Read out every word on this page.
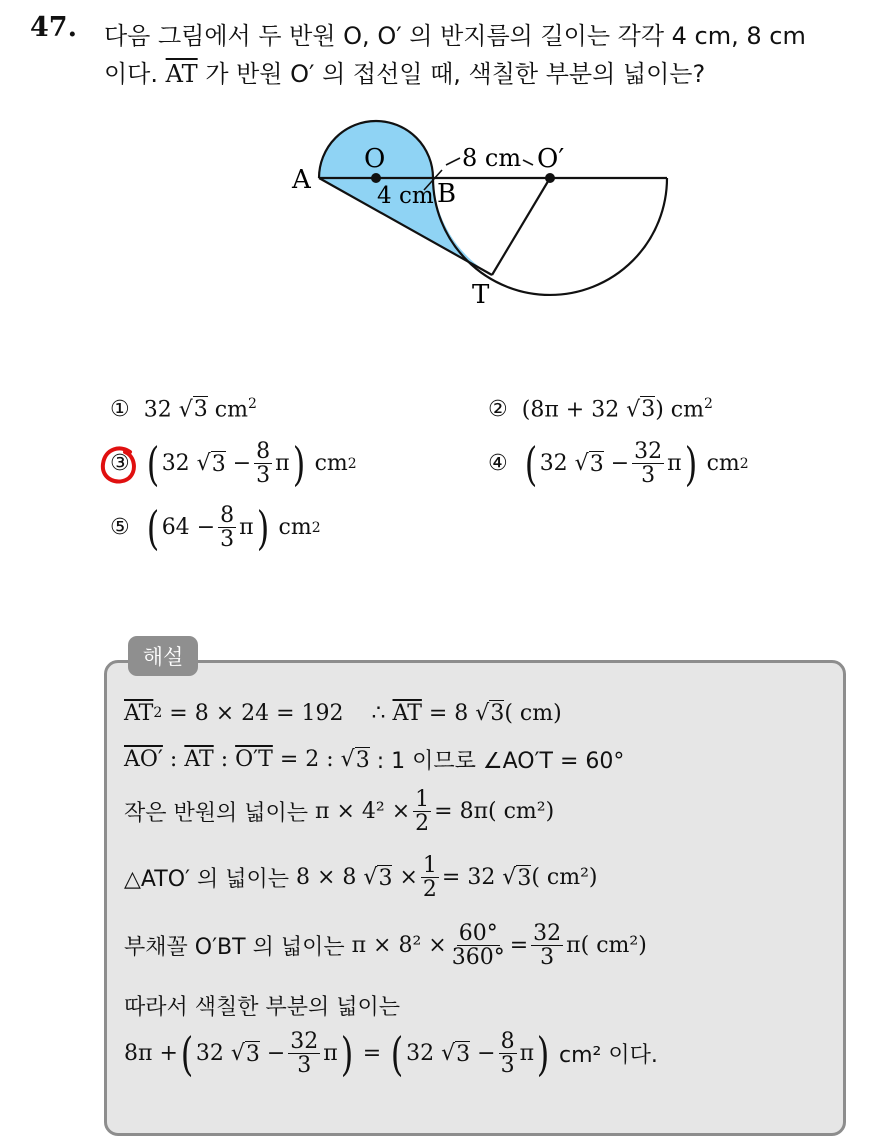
47. 다음 그림에서 두 반원 O, O′ 의 반지름의 길이는 각각 4 cm, 8 cm
이다. $\overline{AT}$ 가 반원 O′ 의 접선일 때, 색칠한 부분의 넓이는?
A
O	O′
B
T
8 cm
4 cm
① 32 √3 $cm^2$	② (8π + 32 √3) $cm^2$
③ ( 32 √ 3
− $\frac{8}{3}$ π )
cm 2	④ ( 32 √ 3
− $\frac{32}{3}$ π )
cm 2
⑤ ( 64
− $\frac{8}{3}$ π )
cm 2
해설
$\overline{AT}$ 2
= 8 × 24 = 192
∴
$\overline{AT}$
= 8 √ 3 ( cm)
AO′
:
$\overline{AT}$
:
O′T
= 2 : √ 3
: 1 이므로 ∠AO′T = 60°
작은 반원의 넓이는
$\pi \times 4^2 \times \frac{1}{2} = 8\pi$( cm²)
△ATO′ 의 넓이는
8 × 8 √ 3
× $\frac{1}{2} = 32$ √ 3 ( cm²)
부채꼴 O′BT 의 넓이는
$\pi \times 8^2 \times \frac{60^\circ}{360^\circ} = \frac{32}{3} \pi$( cm²)
따라서 색칠한 부분의 넓이는
8π + ( 32 √ 3
− $\frac{32}{3}$ π )
=
( 32 √ 3
− $\frac{8}{3}$ π )
cm² 이다.
